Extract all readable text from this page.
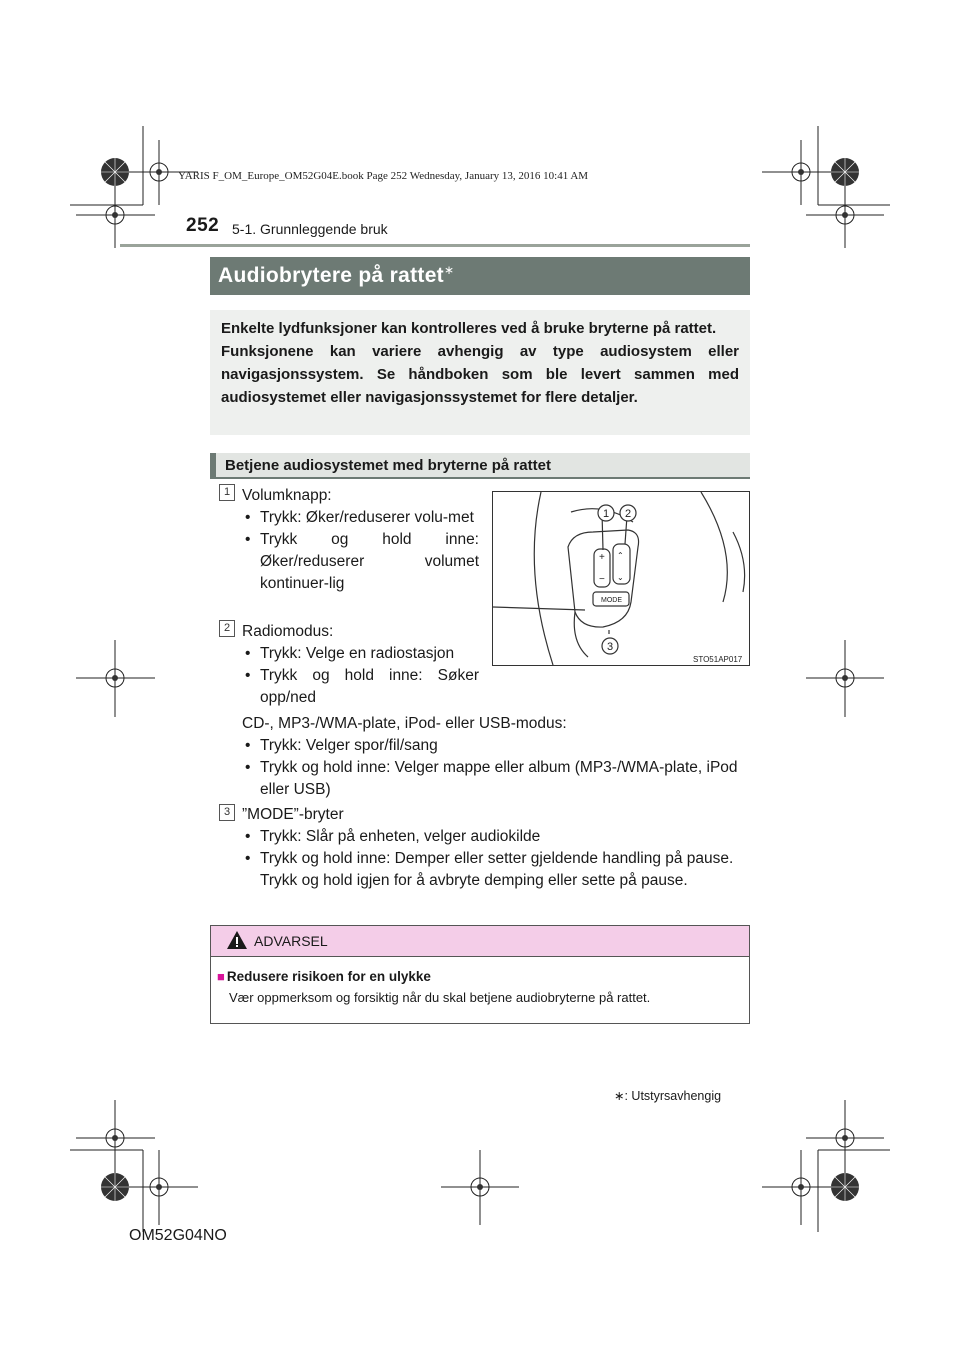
YARIS F_OM_Europe_OM52G04E.book Page 252 Wednesday, January 13, 2016 10:41 AM
252 5-1. Grunnleggende bruk
Audiobrytere på rattet∗

Enkelte lydfunksjoner kan kontrolleres ved å bruke bryterne på rattet.

Funksjonene kan variere avhengig av type audiosystem eller navigasjonssystem. Se håndboken som ble levert sammen med audiosystemet eller navigasjonssystemet for flere detaljer.

Betjene audiosystemet med bryterne på rattet
1 Volumknapp:
• Trykk: Øker/reduserer volu-met
• Trykk og hold inne: Øker/reduserer volumet kontinuer-lig
2 Radiomodus:
• Trykk: Velge en radiostasjon
• Trykk og hold inne: Søker opp/ned
CD-, MP3-/WMA-plate, iPod- eller USB-modus:
• Trykk: Velger spor/fil/sang
• Trykk og hold inne: Velger mappe eller album (MP3-/WMA-plate, iPod eller USB)
3 ”MODE”-bryter
• Trykk: Slår på enheten, velger audiokilde
• Trykk og hold inne: Demper eller setter gjeldende handling på pause.
Trykk og hold igjen for å avbryte demping eller sette på pause.
+
−
⌃
⌄
MODE
1 2
3
STO51AP017
ADVARSEL
■ Redusere risikoen for en ulykke
Vær oppmerksom og forsiktig når du skal betjene audiobryterne på rattet.
∗: Utstyrsavhengig
OM52G04NO
